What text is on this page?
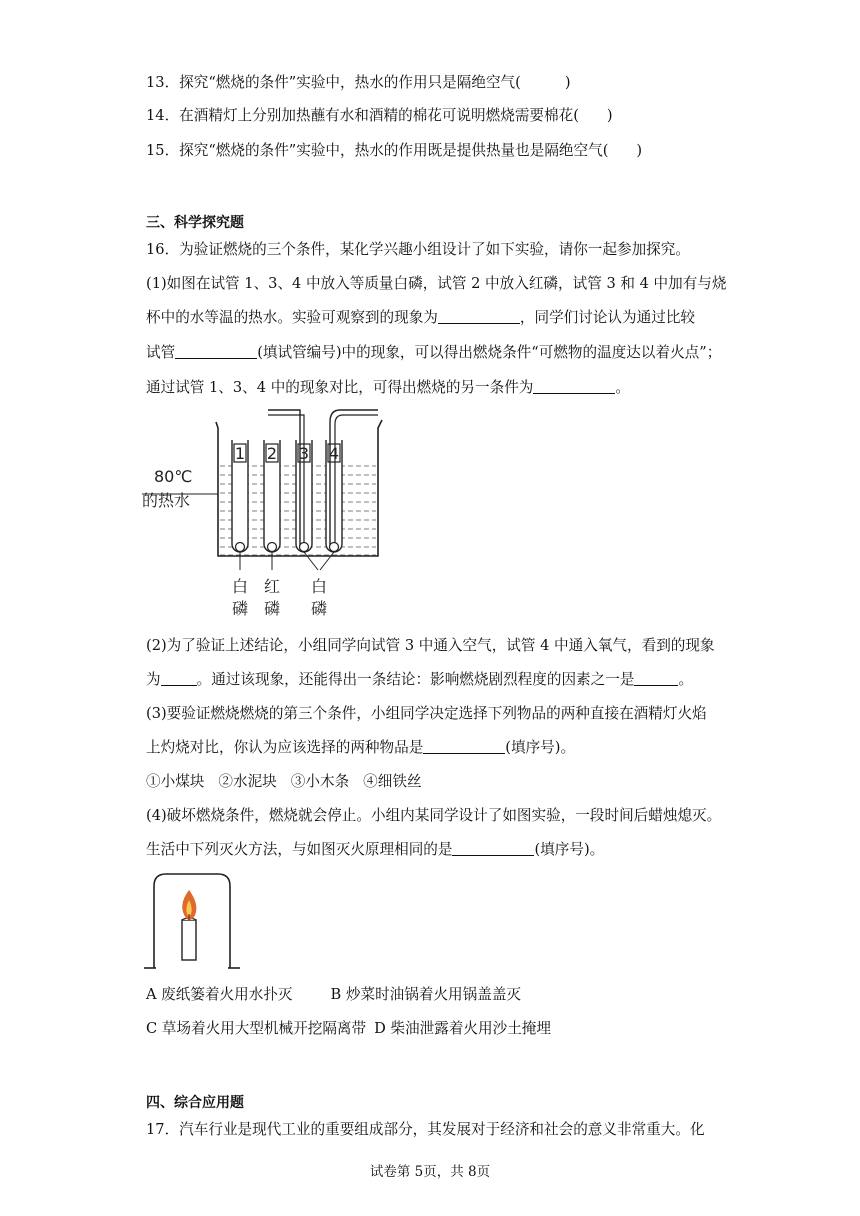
13．探究“燃烧的条件”实验中，热水的作用只是隔绝空气(	)
14．在酒精灯上分别加热蘸有水和酒精的棉花可说明燃烧需要棉花( )
15．探究“燃烧的条件”实验中，热水的作用既是提供热量也是隔绝空气( )
三、科学探究题
16．为验证燃烧的三个条件，某化学兴趣小组设计了如下实验，请你一起参加探究。
(1)如图在试管 1、3、4 中放入等质量白磷，试管 2 中放入红磷，试管 3 和 4 中加有与烧
杯中的水等温的热水。实验可观察到的现象为	，同学们讨论认为通过比较
试管	(填试管编号)中的现象，可以得出燃烧条件“可燃物的温度达以着火点”；
通过试管 1、3、4 中的现象对比，可得出燃烧的另一条件为	。
1 2 3 4
80℃
的热水
白
磷
红
磷
白
磷
(2)为了验证上述结论，小组同学向试管 3 中通入空气，试管 4 中通入氧气，看到的现象
为 。通过该现象，还能得出一条结论：影响燃烧剧烈程度的因素之一是	。
(3)要验证燃烧燃烧的第三个条件，小组同学决定选择下列物品的两种直接在酒精灯火焰
上灼烧对比，你认为应该选择的两种物品是	(填序号)。
①小煤块 ②水泥块 ③小木条 ④细铁丝
(4)破坏燃烧条件，燃烧就会停止。小组内某同学设计了如图实验，一段时间后蜡烛熄灭。
生活中下列灭火方法，与如图灭火原理相同的是	(填序号)。
A 废纸篓着火用水扑灭	B 炒菜时油锅着火用锅盖盖灭
C 草场着火用大型机械开挖隔离带 D 柴油泄露着火用沙土掩埋
四、综合应用题
17．汽车行业是现代工业的重要组成部分，其发展对于经济和社会的意义非常重大。化
试卷第 5页，共 8页
